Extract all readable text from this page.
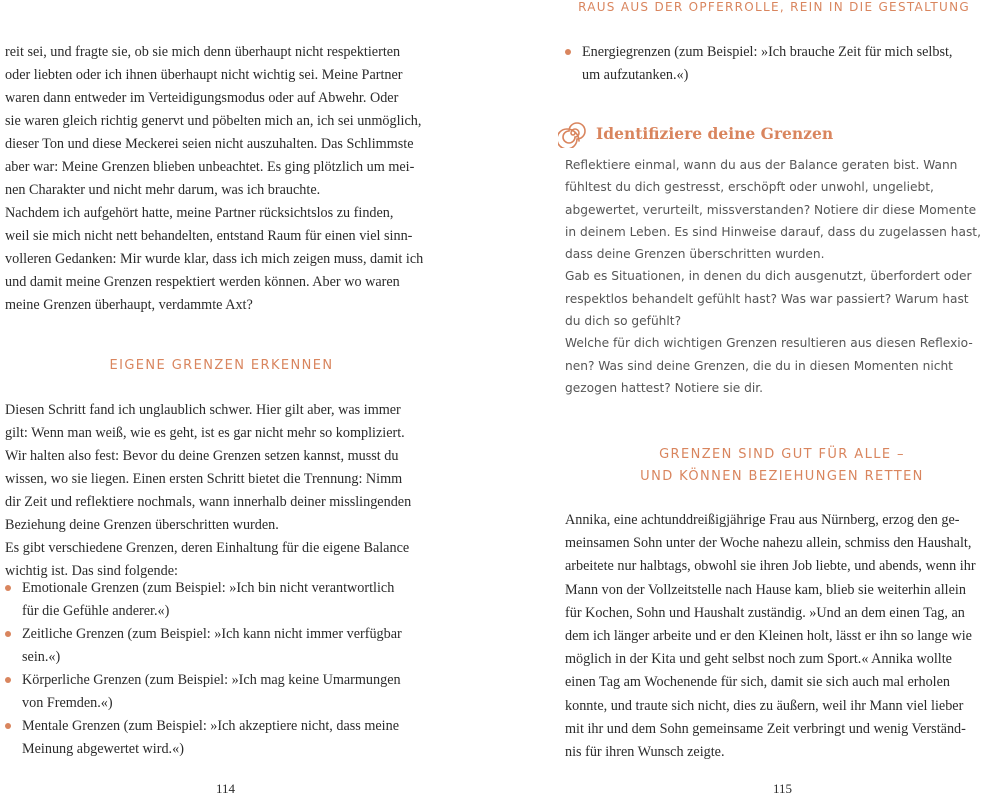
RAUS AUS DER OPFERROLLE, REIN IN DIE GESTALTUNG
reit sei, und fragte sie, ob sie mich denn überhaupt nicht respektierten
oder liebten oder ich ihnen überhaupt nicht wichtig sei. Meine Partner
waren dann entweder im Verteidigungsmodus oder auf Abwehr. Oder
sie waren gleich richtig genervt und pöbelten mich an, ich sei unmöglich,
dieser Ton und diese Meckerei seien nicht auszuhalten. Das Schlimmste
aber war: Meine Grenzen blieben unbeachtet. Es ging plötzlich um mei-
nen Charakter und nicht mehr darum, was ich brauchte.
Nachdem ich aufgehört hatte, meine Partner rücksichtslos zu finden,
weil sie mich nicht nett behandelten, entstand Raum für einen viel sinn-
volleren Gedanken: Mir wurde klar, dass ich mich zeigen muss, damit ich
und damit meine Grenzen respektiert werden können. Aber wo waren
meine Grenzen überhaupt, verdammte Axt?
EIGENE GRENZEN ERKENNEN
Diesen Schritt fand ich unglaublich schwer. Hier gilt aber, was immer
gilt: Wenn man weiß, wie es geht, ist es gar nicht mehr so kompliziert.
Wir halten also fest: Bevor du deine Grenzen setzen kannst, musst du
wissen, wo sie liegen. Einen ersten Schritt bietet die Trennung: Nimm
dir Zeit und reflektiere nochmals, wann innerhalb deiner misslingenden
Beziehung deine Grenzen überschritten wurden.
Es gibt verschiedene Grenzen, deren Einhaltung für die eigene Balance
wichtig ist. Das sind folgende:
Emotionale Grenzen (zum Beispiel: »Ich bin nicht verantwortlich
für die Gefühle anderer.«)
Zeitliche Grenzen (zum Beispiel: »Ich kann nicht immer verfügbar
sein.«)
Körperliche Grenzen (zum Beispiel: »Ich mag keine Umarmungen
von Fremden.«)
Mentale Grenzen (zum Beispiel: »Ich akzeptiere nicht, dass meine
Meinung abgewertet wird.«)
114
Energiegrenzen (zum Beispiel: »Ich brauche Zeit für mich selbst,
um aufzutanken.«)
Identifiziere deine Grenzen
Reflektiere einmal, wann du aus der Balance geraten bist. Wann
fühltest du dich gestresst, erschöpft oder unwohl, ungeliebt,
abgewertet, verurteilt, missverstanden? Notiere dir diese Momente
in deinem Leben. Es sind Hinweise darauf, dass du zugelassen hast,
dass deine Grenzen überschritten wurden.
Gab es Situationen, in denen du dich ausgenutzt, überfordert oder
respektlos behandelt gefühlt hast? Was war passiert? Warum hast
du dich so gefühlt?
Welche für dich wichtigen Grenzen resultieren aus diesen Reflexio-
nen? Was sind deine Grenzen, die du in diesen Momenten nicht
gezogen hattest? Notiere sie dir.
GRENZEN SIND GUT FÜR ALLE –
UND KÖNNEN BEZIEHUNGEN RETTEN
Annika, eine achtunddreißigjährige Frau aus Nürnberg, erzog den ge-
meinsamen Sohn unter der Woche nahezu allein, schmiss den Haushalt,
arbeitete nur halbtags, obwohl sie ihren Job liebte, und abends, wenn ihr
Mann von der Vollzeitstelle nach Hause kam, blieb sie weiterhin allein
für Kochen, Sohn und Haushalt zuständig. »Und an dem einen Tag, an
dem ich länger arbeite und er den Kleinen holt, lässt er ihn so lange wie
möglich in der Kita und geht selbst noch zum Sport.« Annika wollte
einen Tag am Wochenende für sich, damit sie sich auch mal erholen
konnte, und traute sich nicht, dies zu äußern, weil ihr Mann viel lieber
mit ihr und dem Sohn gemeinsame Zeit verbringt und wenig Verständ-
nis für ihren Wunsch zeigte.
115
